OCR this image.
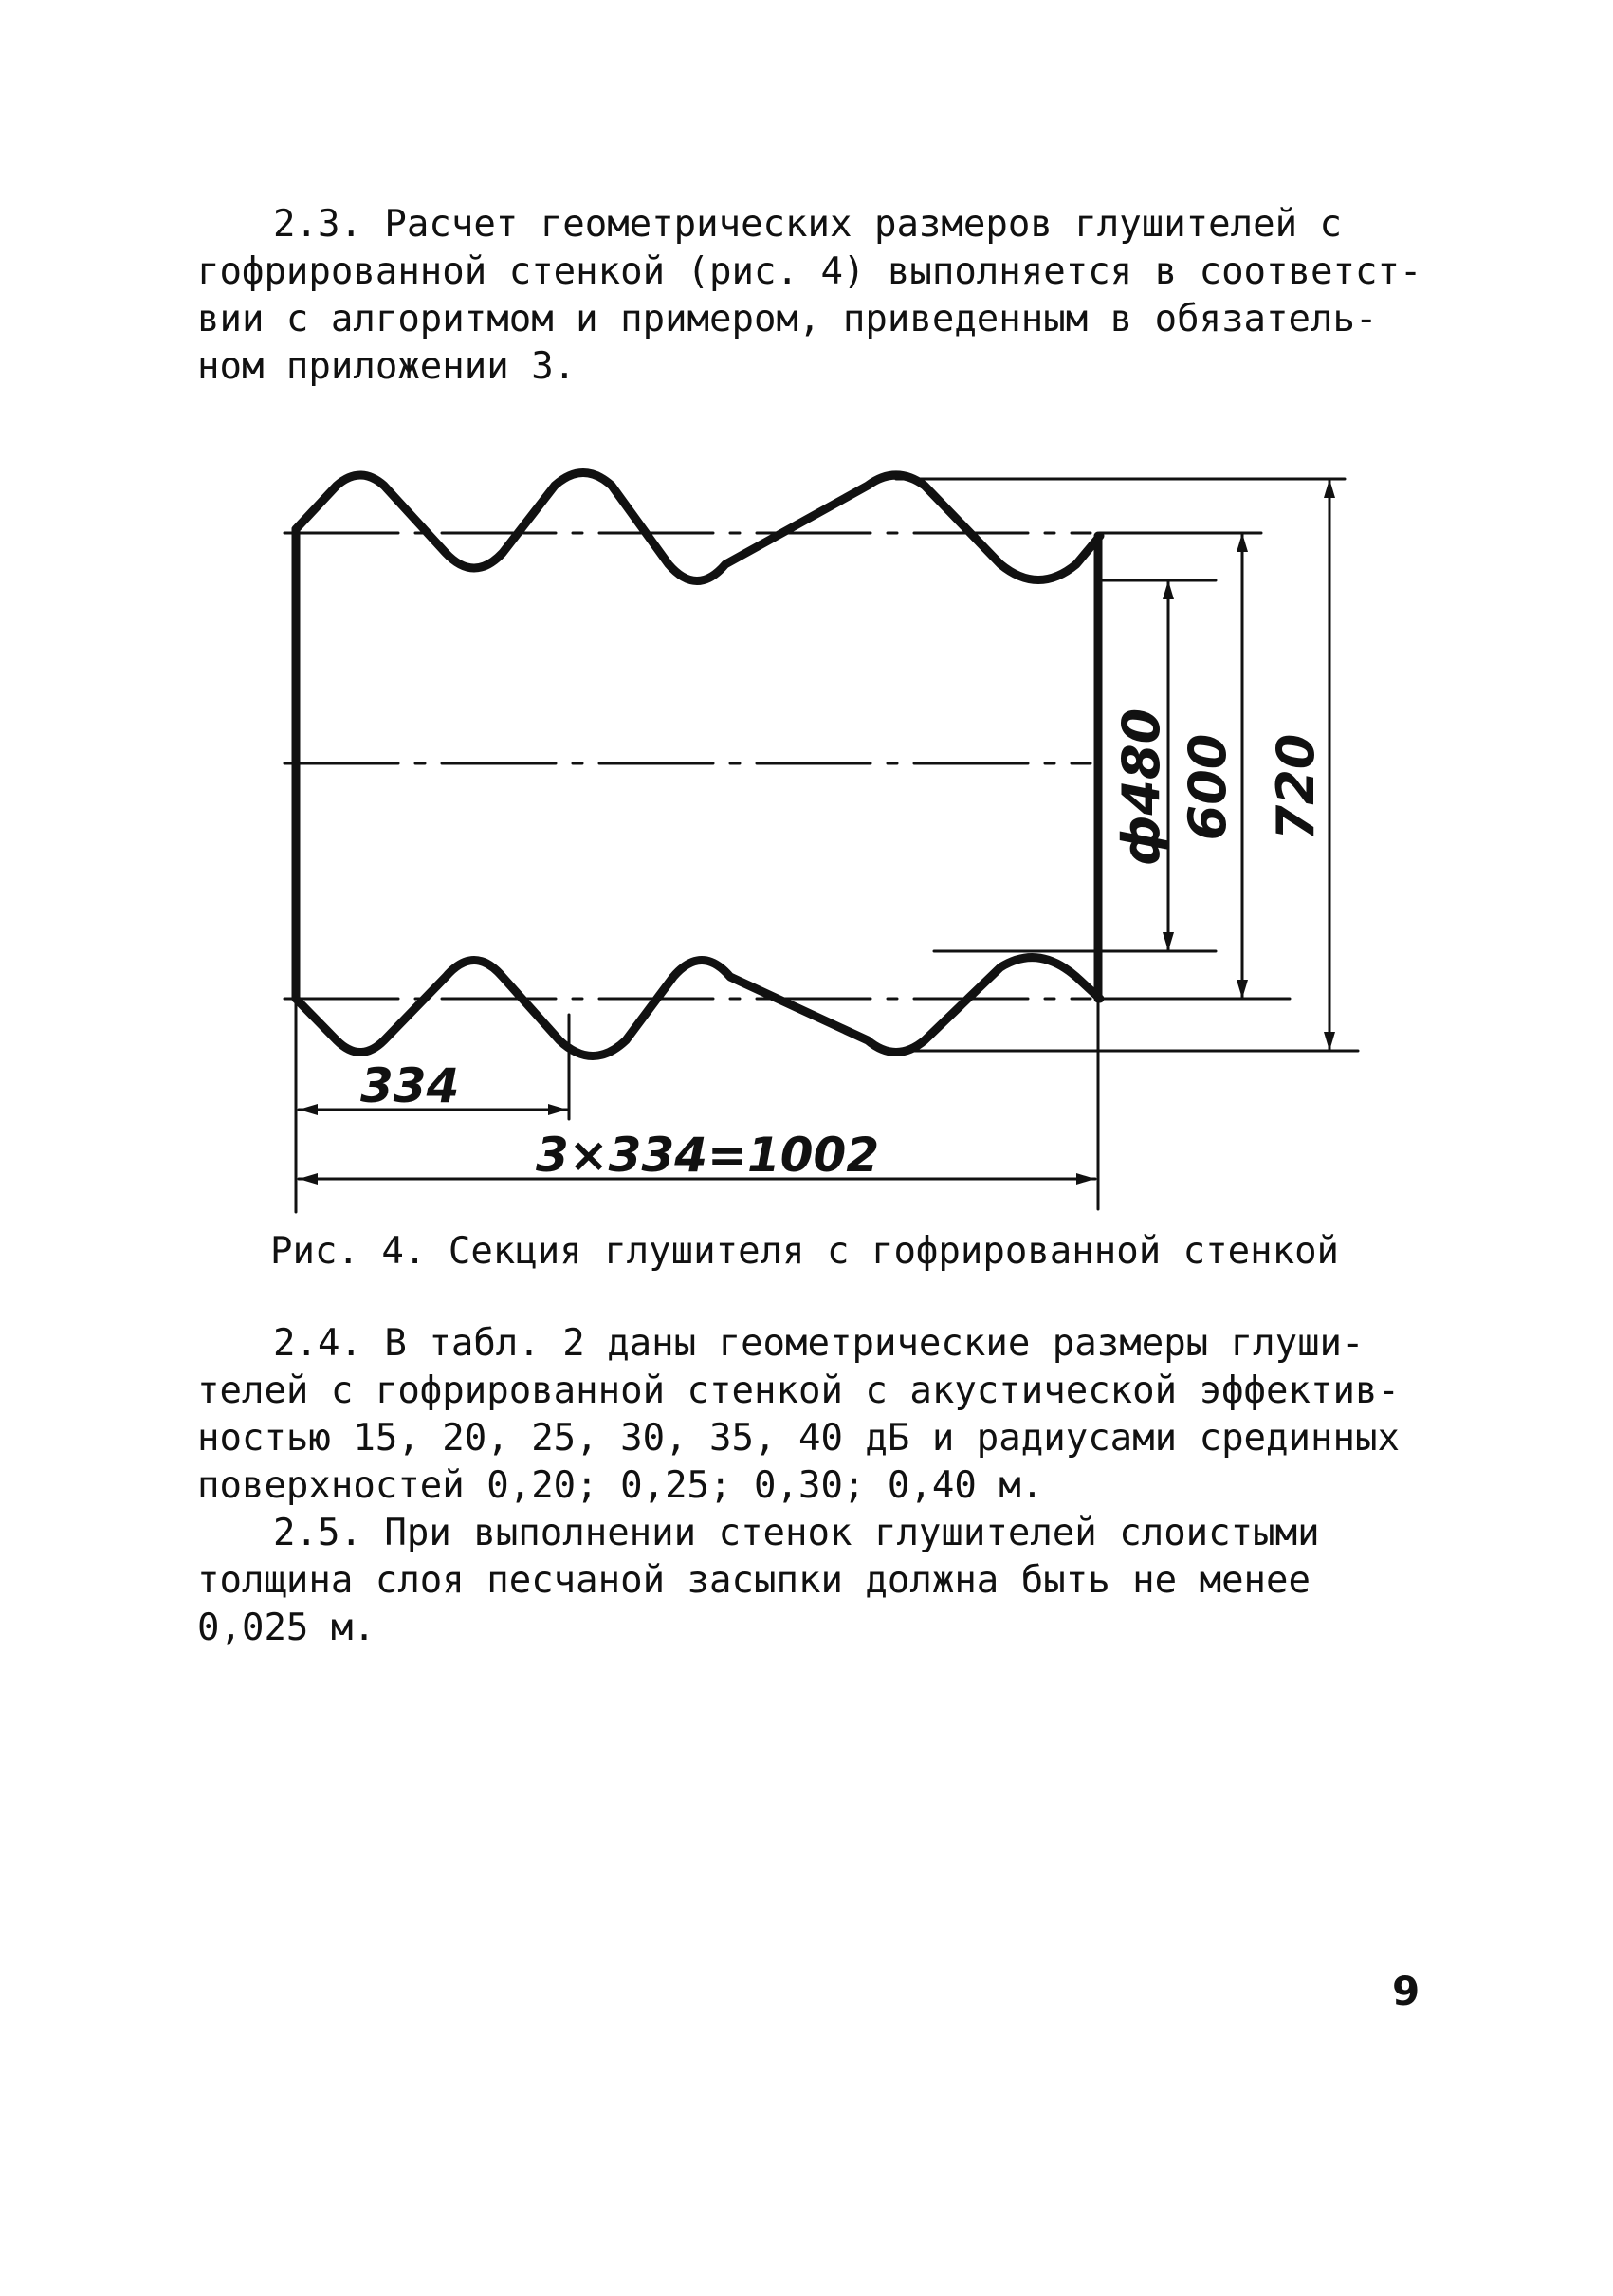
2.3. Расчет геометрических размеров глушителей с
гофрированной стенкой (рис. 4) выполняется в соответст-
вии с алгоритмом и примером, приведенным в обязатель-
ном приложении 3.
ф480 600 720
334
3×334=1002
Рис. 4. Секция глушителя с гофрированной стенкой
2.4. В табл. 2 даны геометрические размеры глуши-
телей с гофрированной стенкой с акустической эффектив-
ностью 15, 20, 25, 30, 35, 40 дБ и радиусами срединных
поверхностей 0,20; 0,25; 0,30; 0,40 м.
2.5. При выполнении стенок глушителей слоистыми
толщина слоя песчаной засыпки должна быть не менее
0,025 м.
9
